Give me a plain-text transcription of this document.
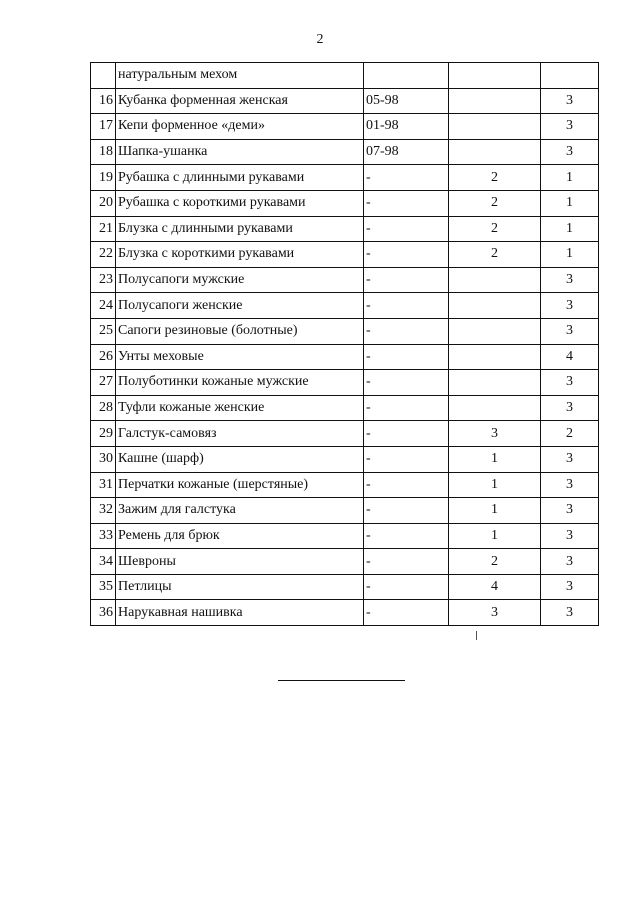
2
	натуральным мехом			
16	Кубанка форменная женская	05-98		3
17	Кепи форменное «деми»	01-98		3
18	Шапка-ушанка	07-98		3
19	Рубашка с длинными рукавами	-	2	1
20	Рубашка с короткими рукавами	-	2	1
21	Блузка с длинными рукавами	-	2	1
22	Блузка с короткими рукавами	-	2	1
23	Полусапоги мужские	-		3
24	Полусапоги женские	-		3
25	Сапоги резиновые (болотные)	-		3
26	Унты меховые	-		4
27	Полуботинки кожаные мужские	-		3
28	Туфли кожаные женские	-		3
29	Галстук-самовяз	-	3	2
30	Кашне (шарф)	-	1	3
31	Перчатки кожаные (шерстяные)	-	1	3
32	Зажим для галстука	-	1	3
33	Ремень для брюк	-	1	3
34	Шевроны	-	2	3
35	Петлицы	-	4	3
36	Нарукавная нашивка	-	3	3
